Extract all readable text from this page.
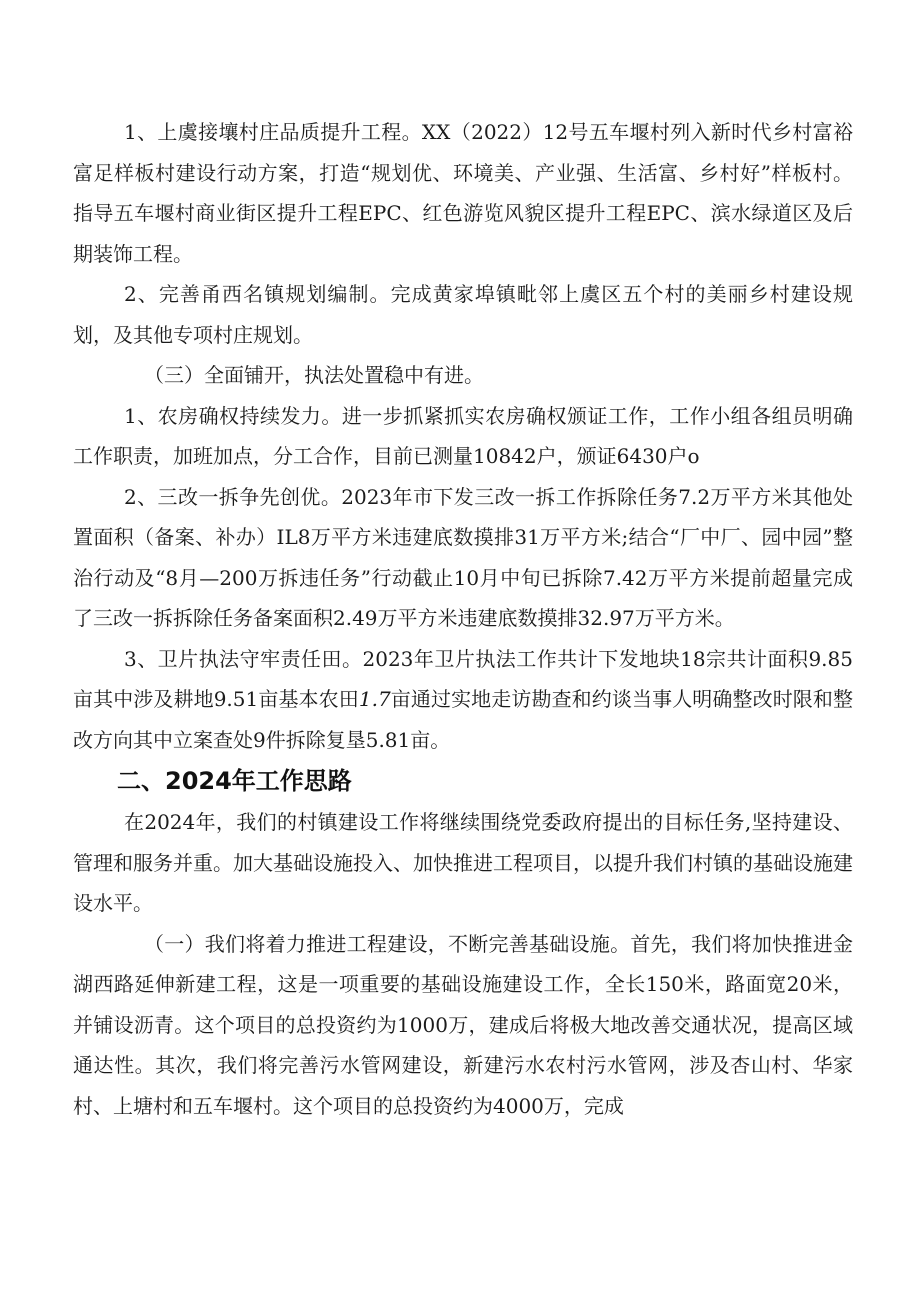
1、上虞接壤村庄品质提升工程。XX（2022）12号五车堰村列入新时代乡村富裕富足样板村建设行动方案，打造“规划优、环境美、产业强、生活富、乡村好”样板村。指导五车堰村商业街区提升工程EPC、红色游览风貌区提升工程EPC、滨水绿道区及后期装饰工程。

2、完善甬西名镇规划编制。完成黄家埠镇毗邻上虞区五个村的美丽乡村建设规划，及其他专项村庄规划。

（三）全面铺开，执法处置稳中有进。

1、农房确权持续发力。进一步抓紧抓实农房确权颁证工作，工作小组各组员明确工作职责，加班加点，分工合作，目前已测量10842户，颁证6430户o

2、三改一拆争先创优。2023年市下发三改一拆工作拆除任务7.2万平方米其他处置面积（备案、补办）IL8万平方米违建底数摸排31万平方米;结合“厂中厂、园中园”整治行动及“8月—200万拆违任务”行动截止10月中旬已拆除7.42万平方米提前超量完成了三改一拆拆除任务备案面积2.49万平方米违建底数摸排32.97万平方米。

3、卫片执法守牢责任田。2023年卫片执法工作共计下发地块18宗共计面积9.85亩其中涉及耕地9.51亩基本农田1.7亩通过实地走访勘查和约谈当事人明确整改时限和整改方向其中立案查处9件拆除复垦5.81亩。

二、2024年工作思路

在2024年，我们的村镇建设工作将继续围绕党委政府提出的目标任务,坚持建设、管理和服务并重。加大基础设施投入、加快推进工程项目，以提升我们村镇的基础设施建设水平。

（一）我们将着力推进工程建设，不断完善基础设施。首先，我们将加快推进金湖西路延伸新建工程，这是一项重要的基础设施建设工作，全长150米，路面宽20米，并铺设沥青。这个项目的总投资约为1000万，建成后将极大地改善交通状况，提高区域通达性。其次，我们将完善污水管网建设，新建污水农村污水管网，涉及杏山村、华家村、上塘村和五车堰村。这个项目的总投资约为4000万，完成
